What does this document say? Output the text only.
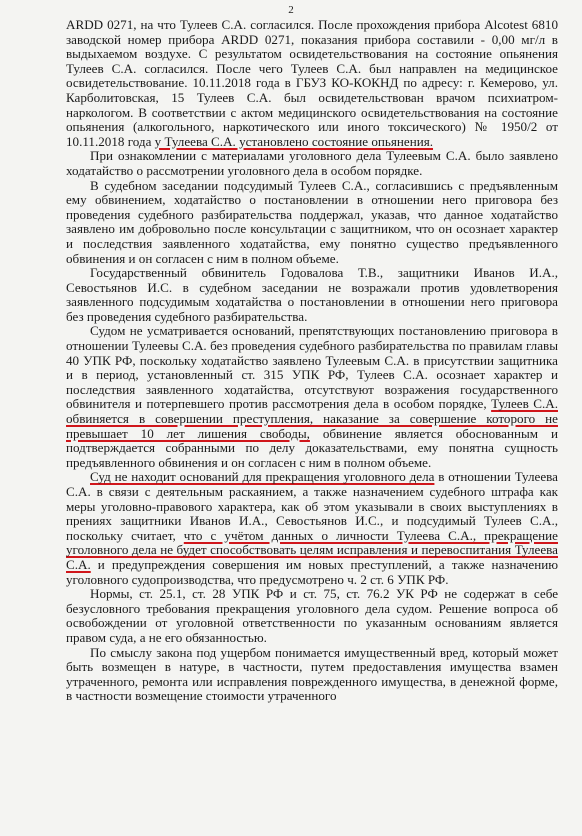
2

ARDD 0271, на что Тулеев С.А. согласился. После прохождения прибора Alcotest 6810 заводской номер прибора ARDD 0271, показания прибора составили - 0,00 мг/л в выдыхаемом воздухе. С результатом освидетельствования на состояние опьянения Тулеев С.А. согласился. После чего Тулеев С.А. был направлен на медицинское освидетельствование. 10.11.2018 года в ГБУЗ КО-КОКНД по адресу: г. Кемерово, ул. Карболитовская, 15 Тулеев С.А. был освидетельствован врачом психиатром-наркологом. В соответствии с актом медицинского освидетельствования на состояние опьянения (алкогольного, наркотического или иного токсического) № 1950/2 от 10.11.2018 года у Тулеева С.А. установлено состояние опьянения.

При ознакомлении с материалами уголовного дела Тулеевым С.А. было заявлено ходатайство о рассмотрении уголовного дела в особом порядке.

В судебном заседании подсудимый Тулеев С.А., согласившись с предъявленным ему обвинением, ходатайство о постановлении в отношении него приговора без проведения судебного разбирательства поддержал, указав, что данное ходатайство заявлено им добровольно после консультации с защитником, что он осознает характер и последствия заявленного ходатайства, ему понятно существо предъявленного обвинения и он согласен с ним в полном объеме.

Государственный обвинитель Годовалова Т.В., защитники Иванов И.А., Севостьянов И.С. в судебном заседании не возражали против удовлетворения заявленного подсудимым ходатайства о постановлении в отношении него приговора без проведения судебного разбирательства.

Судом не усматривается оснований, препятствующих постановлению приговора в отношении Тулеевы С.А. без проведения судебного разбирательства по правилам главы 40 УПК РФ, поскольку ходатайство заявлено Тулеевым С.А. в присутствии защитника и в период, установленный ст. 315 УПК РФ, Тулеев С.А. осознает характер и последствия заявленного ходатайства, отсутствуют возражения государственного обвинителя и потерпевшего против рассмотрения дела в особом порядке, Тулеев С.А. обвиняется в совершении преступления, наказание за совершение которого не превышает 10 лет лишения свободы, обвинение является обоснованным и подтверждается собранными по делу доказательствами, ему понятна сущность предъявленного обвинения и он согласен с ним в полном объеме.

Суд не находит оснований для прекращения уголовного дела в отношении Тулеева С.А. в связи с деятельным раскаянием, а также назначением судебного штрафа как меры уголовно-правового характера, как об этом указывали в своих выступлениях в прениях защитники Иванов И.А., Севостьянов И.С., и подсудимый Тулеев С.А., поскольку считает, что с учётом данных о личности Тулеева С.А., прекращение уголовного дела не будет способствовать целям исправления и перевоспитания Тулеева С.А. и предупреждения совершения им новых преступлений, а также назначению уголовного судопроизводства, что предусмотрено ч. 2 ст. 6 УПК РФ.

Нормы, ст. 25.1, ст. 28 УПК РФ и ст. 75, ст. 76.2 УК РФ не содержат в себе безусловного требования прекращения уголовного дела судом. Решение вопроса об освобождении от уголовной ответственности по указанным основаниям является правом суда, а не его обязанностью.

По смыслу закона под ущербом понимается имущественный вред, который может быть возмещен в натуре, в частности, путем предоставления имущества взамен утраченного, ремонта или исправления поврежденного имущества, в денежной форме, в частности возмещение стоимости утраченного
